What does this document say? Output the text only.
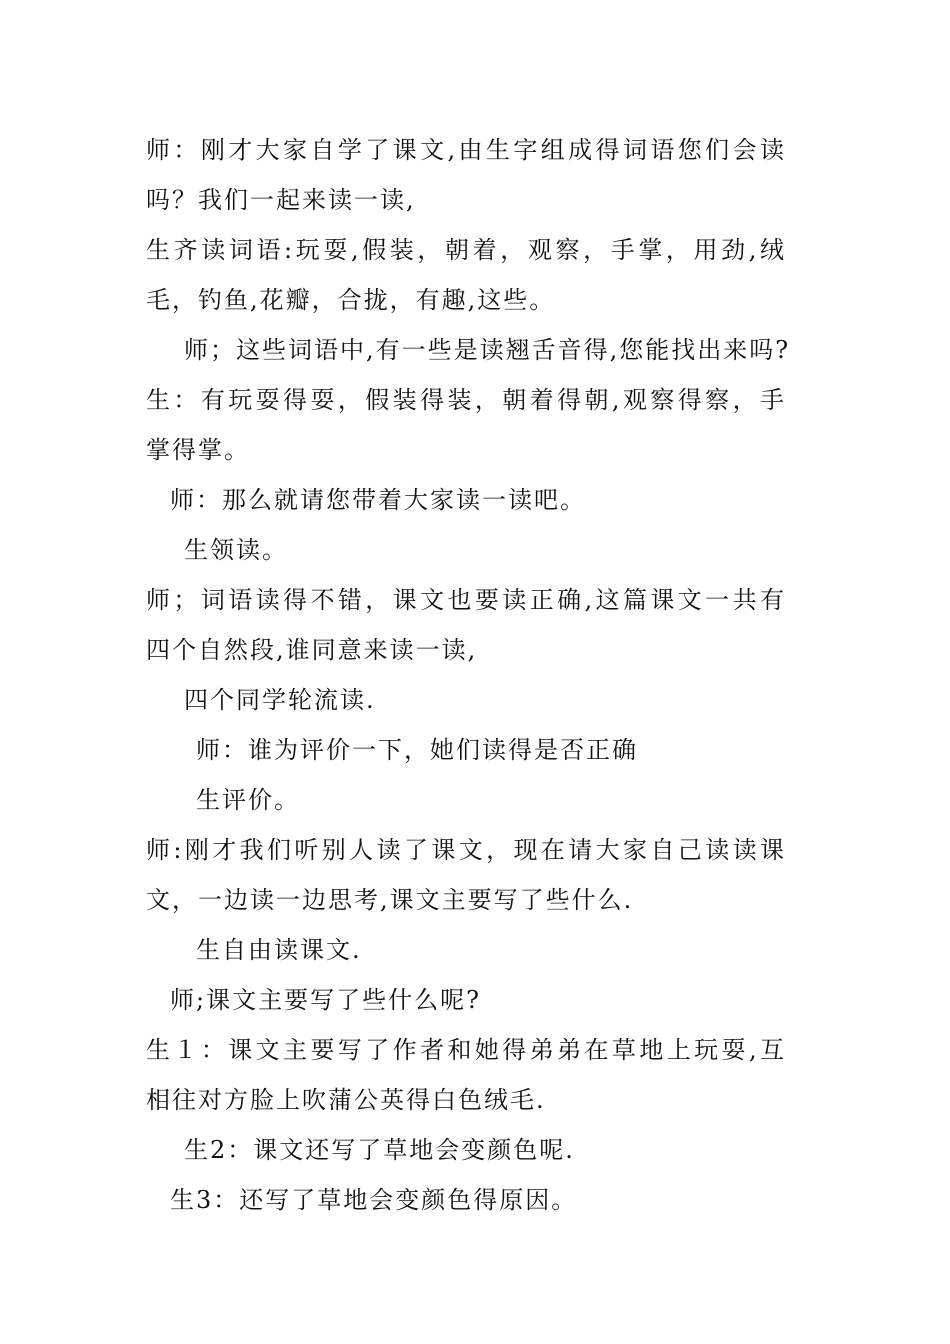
师：刚才大家自学了课文,由生字组成得词语您们会读
吗？我们一起来读一读,
生齐读词语:玩耍,假装，朝着，观察，手掌，用劲,绒
毛，钓鱼,花瓣，合拢，有趣,这些。
师；这些词语中,有一些是读翘舌音得,您能找出来吗?
生：有玩耍得耍，假装得装，朝着得朝,观察得察，手
掌得掌。
师：那么就请您带着大家读一读吧。
生领读。
师；词语读得不错，课文也要读正确,这篇课文一共有
四个自然段,谁同意来读一读,
四个同学轮流读.
师：谁为评价一下，她们读得是否正确
生评价。
师:刚才我们听别人读了课文，现在请大家自己读读课
文，一边读一边思考,课文主要写了些什么.
生自由读课文.
师;课文主要写了些什么呢?
生１：课文主要写了作者和她得弟弟在草地上玩耍,互
相往对方脸上吹蒲公英得白色绒毛.
生2：课文还写了草地会变颜色呢.
生3：还写了草地会变颜色得原因。
